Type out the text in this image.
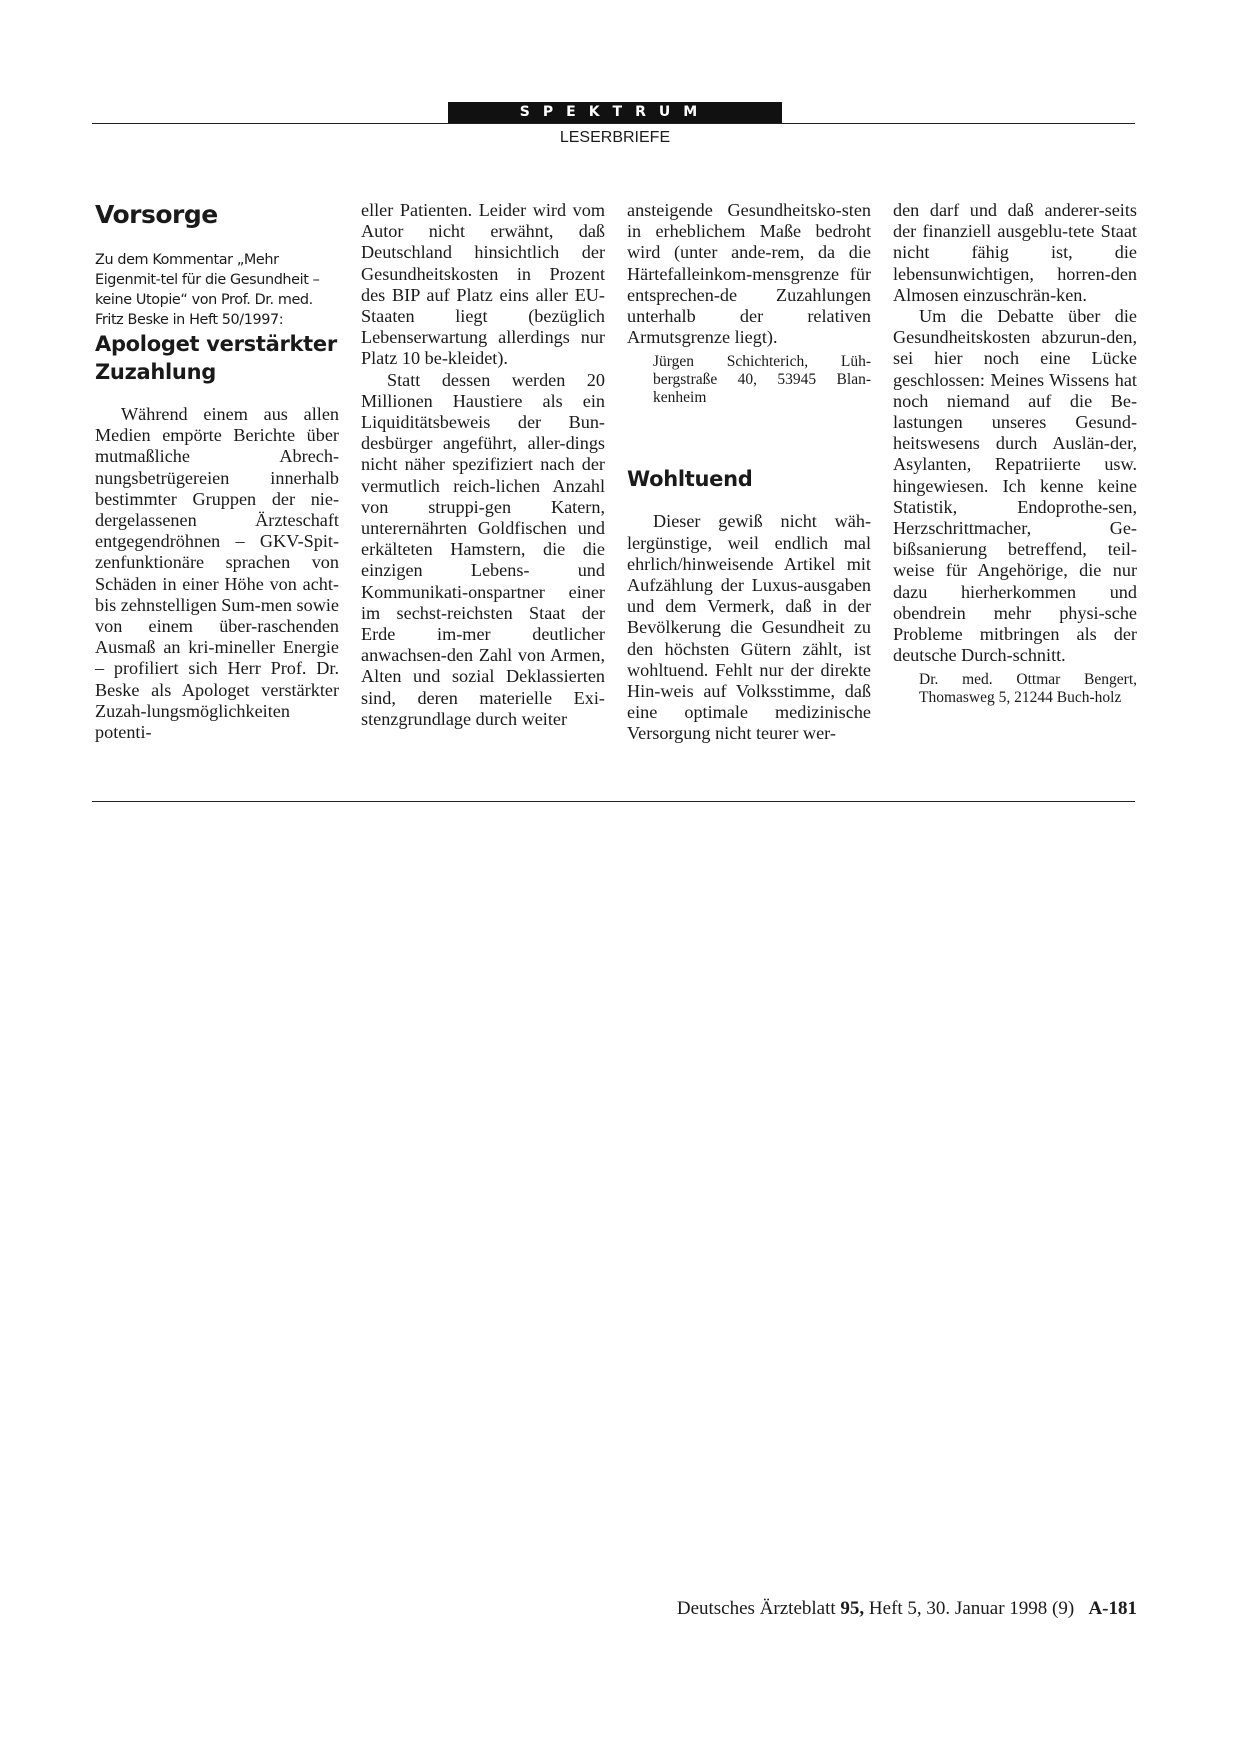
SPEKTRUM
LESERBRIEFE
Vorsorge

Zu dem Kommentar „Mehr Eigenmit-tel für die Gesundheit – keine Utopie“ von Prof. Dr. med. Fritz Beske in Heft 50/1997:

Apologet verstärkter Zuzahlung

Während einem aus allen Medien empörte Berichte über mutmaßliche Abrech-nungsbetrügereien innerhalb bestimmter Gruppen der nie-dergelassenen Ärzteschaft entgegendröhnen – GKV-Spit-zenfunktionäre sprachen von Schäden in einer Höhe von acht- bis zehnstelligen Sum-men sowie von einem über-raschenden Ausmaß an kri-mineller Energie – profiliert sich Herr Prof. Dr. Beske als Apologet verstärkter Zuzah-lungsmöglichkeiten potenti-

eller Patienten. Leider wird vom Autor nicht erwähnt, daß Deutschland hinsichtlich der Gesundheitskosten in Prozent des BIP auf Platz eins aller EU-Staaten liegt (bezüglich Lebenserwartung allerdings nur Platz 10 be-kleidet).

Statt dessen werden 20 Millionen Haustiere als ein Liquiditätsbeweis der Bun-desbürger angeführt, aller-dings nicht näher spezifiziert nach der vermutlich reich-lichen Anzahl von struppi-gen Katern, unterernährten Goldfischen und erkälteten Hamstern, die die einzigen Lebens- und Kommunikati-onspartner einer im sechst-reichsten Staat der Erde im-mer deutlicher anwachsen-den Zahl von Armen, Alten und sozial Deklassierten sind, deren materielle Exi-stenzgrundlage durch weiter

ansteigende Gesundheitsko-sten in erheblichem Maße bedroht wird (unter ande-rem, da die Härtefalleinkom-mensgrenze für entsprechen-de Zuzahlungen unterhalb der relativen Armutsgrenze liegt).

Jürgen Schichterich, Lüh-bergstraße 40, 53945 Blan-kenheim

Wohltuend

Dieser gewiß nicht wäh-lergünstige, weil endlich mal ehrlich/hinweisende Artikel mit Aufzählung der Luxus-ausgaben und dem Vermerk, daß in der Bevölkerung die Gesundheit zu den höchsten Gütern zählt, ist wohltuend. Fehlt nur der direkte Hin-weis auf Volksstimme, daß eine optimale medizinische Versorgung nicht teurer wer-

den darf und daß anderer-seits der finanziell ausgeblu-tete Staat nicht fähig ist, die lebensunwichtigen, horren-den Almosen einzuschrän-ken.

Um die Debatte über die Gesundheitskosten abzurun-den, sei hier noch eine Lücke geschlossen: Meines Wissens hat noch niemand auf die Be-lastungen unseres Gesund-heitswesens durch Auslän-der, Asylanten, Repatriierte usw. hingewiesen. Ich kenne keine Statistik, Endoprothe-sen, Herzschrittmacher, Ge-bißsanierung betreffend, teil-weise für Angehörige, die nur dazu hierherkommen und obendrein mehr physi-sche Probleme mitbringen als der deutsche Durch-schnitt.

Dr. med. Ottmar Bengert, Thomasweg 5, 21244 Buch-holz

Deutsches Ärzteblatt 95, Heft 5, 30. Januar 1998 (9) A-181
